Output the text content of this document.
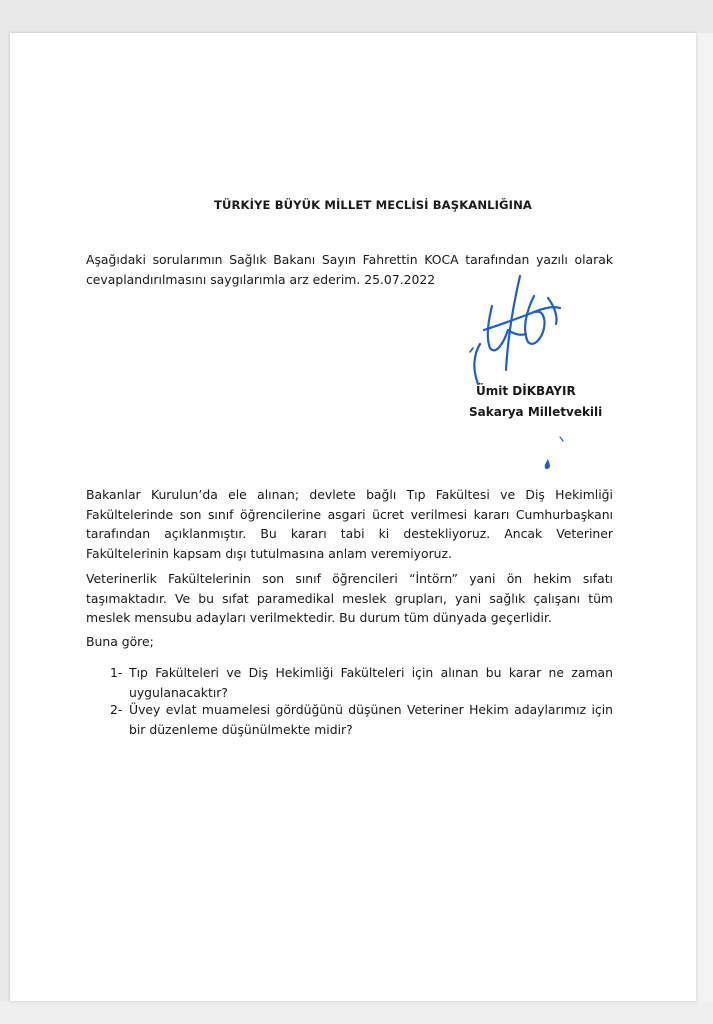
TÜRKİYE BÜYÜK MİLLET MECLİSİ BAŞKANLIĞINA

Aşağıdaki sorularımın Sağlık Bakanı Sayın Fahrettin KOCA tarafından yazılı olarak cevaplandırılmasını saygılarımla arz ederim. 25.07.2022

Ümit DİKBAYIR

Sakarya Milletvekili

Bakanlar Kurulun’da ele alınan; devlete bağlı Tıp Fakültesi ve Diş Hekimliği Fakültelerinde son sınıf öğrencilerine asgari ücret verilmesi kararı Cumhurbaşkanı tarafından açıklanmıştır. Bu kararı tabi ki destekliyoruz. Ancak Veteriner Fakültelerinin kapsam dışı tutulmasına anlam veremiyoruz.

Veterinerlik Fakültelerinin son sınıf öğrencileri “İntörn” yani ön hekim sıfatı taşımaktadır. Ve bu sıfat paramedikal meslek grupları, yani sağlık çalışanı tüm meslek mensubu adayları verilmektedir. Bu durum tüm dünyada geçerlidir.

Buna göre;

1- Tıp Fakülteleri ve Diş Hekimliği Fakülteleri için alınan bu karar ne zaman uygulanacaktır?
2- Üvey evlat muamelesi gördüğünü düşünen Veteriner Hekim adaylarımız için bir düzenleme düşünülmekte midir?
